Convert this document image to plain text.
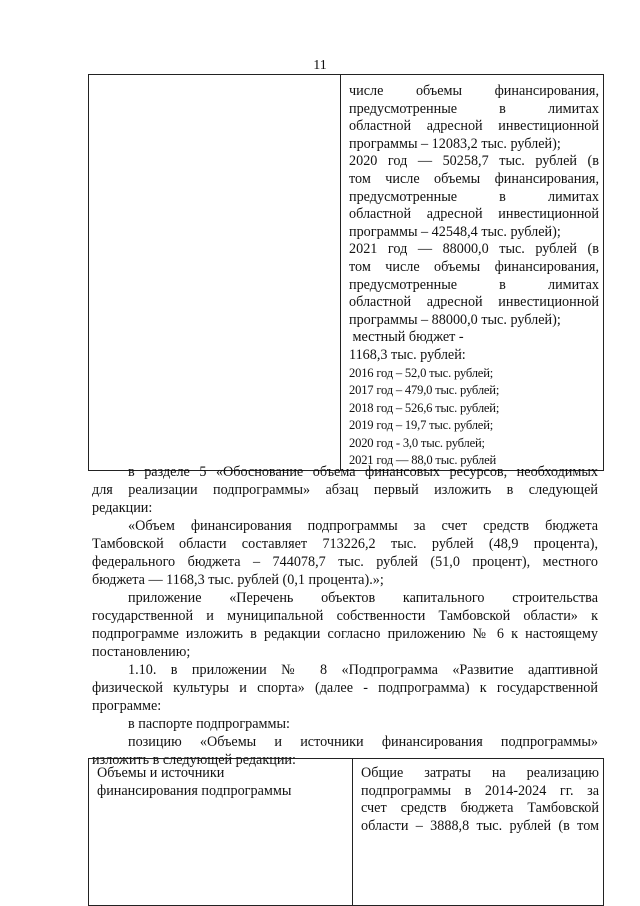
11

числе объемы финансирования,
предусмотренные в лимитах
областной адресной инвестиционной
программы – 12083,2 тыс. рублей);
2020 год — 50258,7 тыс. рублей (в
том числе объемы финансирования,
предусмотренные в лимитах
областной адресной инвестиционной
программы – 42548,4 тыс. рублей);
2021 год — 88000,0 тыс. рублей (в
том числе объемы финансирования,
предусмотренные в лимитах
областной адресной инвестиционной
программы – 88000,0 тыс. рублей);
местный бюджет -
1168,3 тыс. рублей:
2016 год – 52,0 тыс. рублей;
2017 год – 479,0 тыс. рублей;
2018 год – 526,6 тыс. рублей;
2019 год – 19,7 тыс. рублей;
2020 год - 3,0 тыс. рублей;
2021 год — 88,0 тыс. рублей
в разделе 5 «Обоснование объема финансовых ресурсов, необходимых
для реализации подпрограммы» абзац первый изложить в следующей
редакции:
«Объем финансирования подпрограммы за счет средств бюджета
Тамбовской области составляет 713226,2 тыс. рублей (48,9 процента),
федерального бюджета – 744078,7 тыс. рублей (51,0 процент), местного
бюджета — 1168,3 тыс. рублей (0,1 процента).»;
приложение «Перечень объектов капитального строительства
государственной и муниципальной собственности Тамбовской области» к
подпрограмме изложить в редакции согласно приложению № 6 к настоящему
постановлению;
1.10. в приложении № 8 «Подпрограмма «Развитие адаптивной
физической культуры и спорта» (далее - подпрограмма) к государственной
программе:
в паспорте подпрограммы:
позицию «Объемы и источники финансирования подпрограммы»
изложить в следующей редакции:
Объемы и источники
финансирования подпрограммы

Общие затраты на реализацию
подпрограммы в 2014-2024 гг. за
счет средств бюджета Тамбовской
области – 3888,8 тыс. рублей (в том
